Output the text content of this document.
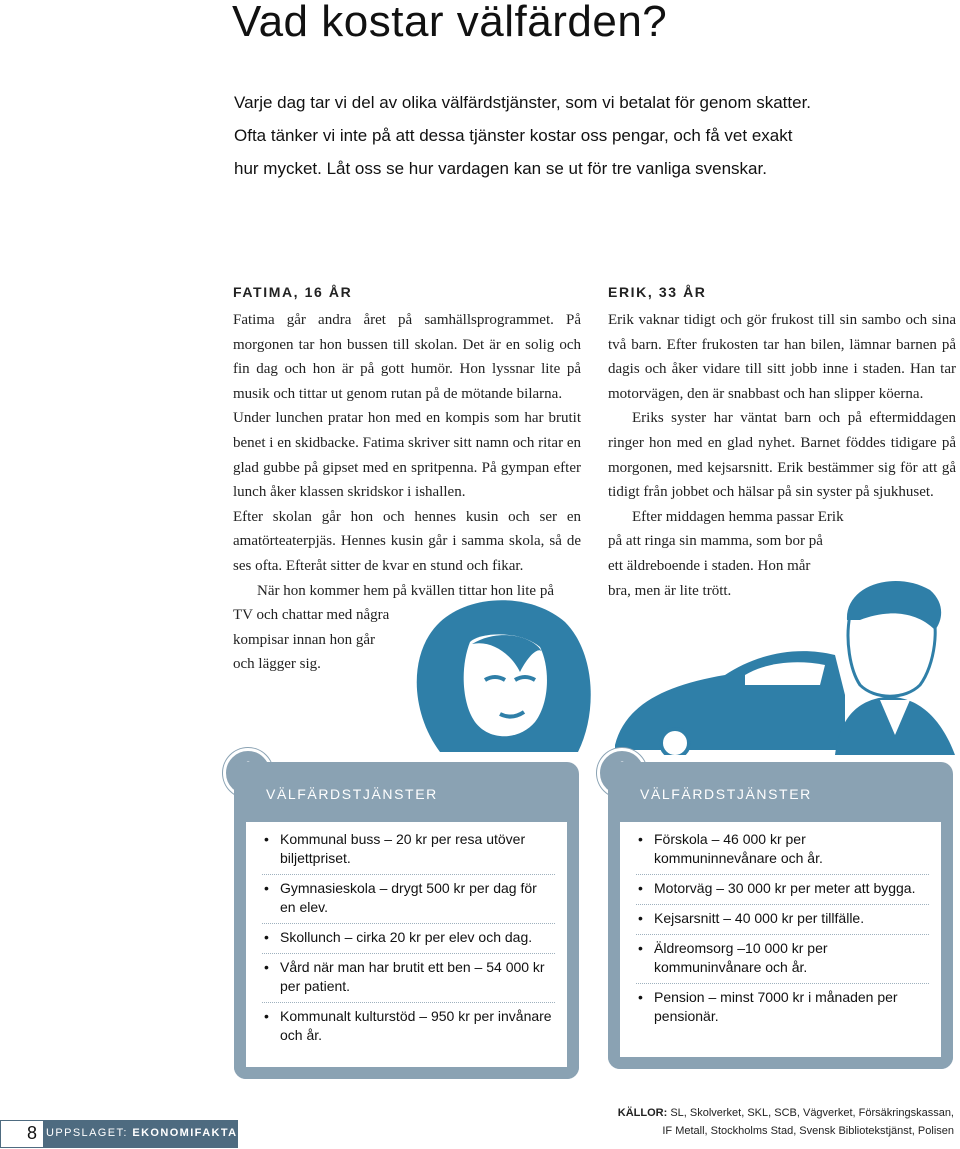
Vad kostar välfärden?

Varje dag tar vi del av olika välfärdstjänster, som vi betalat för genom skatter.

Ofta tänker vi inte på att dessa tjänster kostar oss pengar, och få vet exakt

hur mycket. Låt oss se hur vardagen kan se ut för tre vanliga svenskar.

FATIMA, 16 ÅR

Fatima går andra året på samhällsprogrammet. På morgonen tar hon bussen till skolan. Det är en solig och fin dag och hon är på gott humör. Hon lyssnar lite på musik och tittar ut genom rutan på de mötande bilarna.

Under lunchen pratar hon med en kompis som har brutit benet i en skidbacke. Fatima skriver sitt namn och ritar en glad gubbe på gipset med en spritpenna. På gympan efter lunch åker klassen skridskor i ishallen.

Efter skolan går hon och hennes kusin och ser en amatörteaterpjäs. Hennes kusin går i samma skola, så de ses ofta. Efteråt sitter de kvar en stund och fikar.

När hon kommer hem på kvällen tittar hon lite på

TV och chattar med några

kompisar innan hon går

och lägger sig.

ERIK, 33 ÅR

Erik vaknar tidigt och gör frukost till sin sambo och sina två barn. Efter frukosten tar han bilen, lämnar barnen på dagis och åker vidare till sitt jobb inne i staden. Han tar motorvägen, den är snabbast och han slipper köerna.

Eriks syster har väntat barn och på eftermiddagen ringer hon med en glad nyhet. Barnet föddes tidigare på morgonen, med kejsarsnitt. Erik bestämmer sig för att gå tidigt från jobbet och hälsar på sin syster på sjukhuset.

Efter middagen hemma passar Erik

på att ringa sin mamma, som bor på

ett äldreboende i staden. Hon mår

bra, men är lite trött.

VÄLFÄRDSTJÄNSTER
• Kommunal buss – 20 kr per resa utöver biljettpriset.
• Gymnasieskola – drygt 500 kr per dag för en elev.
• Skollunch – cirka 20 kr per elev och dag.
• Vård när man har brutit ett ben – 54 000 kr per patient.
• Kommunalt kulturstöd – 950 kr per invånare och år.
VÄLFÄRDSTJÄNSTER
• Förskola – 46 000 kr per kommuninnevånare och år.
• Motorväg – 30 000 kr per meter att bygga.
• Kejsarsnitt – 40 000 kr per tillfälle.
• Äldreomsorg –10 000 kr per kommuninvånare och år.
• Pension – minst 7000 kr i månaden per pensionär.
8 UPPSLAGET: EKONOMIFAKTA
KÄLLOR: SL, Skolverket, SKL, SCB, Vägverket, Försäkringskassan, IF Metall, Stockholms Stad, Svensk Bibliotekstjänst, Polisen
